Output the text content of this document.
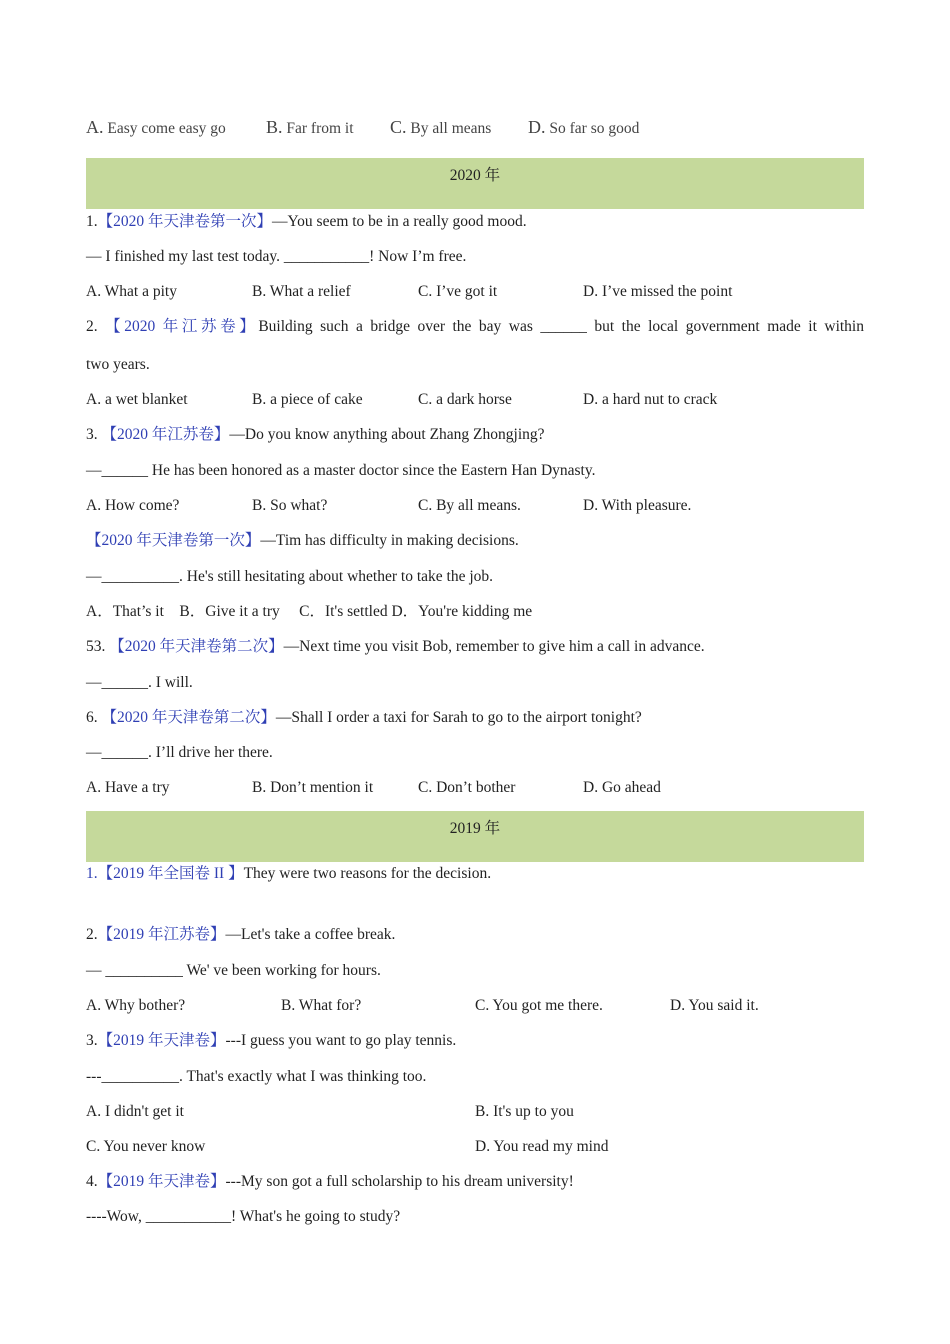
A. Easy come easy go B. Far from it C. By all means D. So far so good
2020 年
1.【2020 年天津卷第一次】—You seem to be in a really good mood.
— I finished my last test today. ___________! Now I’m free.
A. What a pity	B. What a relief	C. I’ve got it	D. I’ve missed the point
2. 【2020 年江苏卷】Building such a bridge over the bay was ______ but the local government made it within
two years.
A. a wet blanket	B. a piece of cake	C. a dark horse	D. a hard nut to crack
3. 【2020 年江苏卷】—Do you know anything about Zhang Zhongjing?
—______ He has been honored as a master doctor since the Eastern Han Dynasty.
A. How come?	B. So what?	C. By all means.	D. With pleasure.
【2020 年天津卷第一次】—Tim has difficulty in making decisions.
—__________. He's still hesitating about whether to take the job.
A．That’s it　B．Give it a try　 C．It's settled D．You're kidding me
53. 【2020 年天津卷第二次】—Next time you visit Bob, remember to give him a call in advance.
—______. I will.
6. 【2020 年天津卷第二次】—Shall I order a taxi for Sarah to go to the airport tonight?
—______. I’ll drive her there.
A. Have a try	B. Don’t mention it	C. Don’t bother	D. Go ahead
2019 年
1.【2019 年全国卷 II 】They were two reasons for the decision.
2.【2019 年江苏卷】—Let's take a coffee break.
— __________ We' ve been working for hours.
A. Why bother?	B. What for?	C. You got me there.	D. You said it.
3.【2019 年天津卷】---I guess you want to go play tennis.
---__________. That's exactly what I was thinking too.
A. I didn't get it	B. It's up to you
C. You never know	D. You read my mind
4.【2019 年天津卷】---My son got a full scholarship to his dream university!
----Wow, ___________! What's he going to study?
